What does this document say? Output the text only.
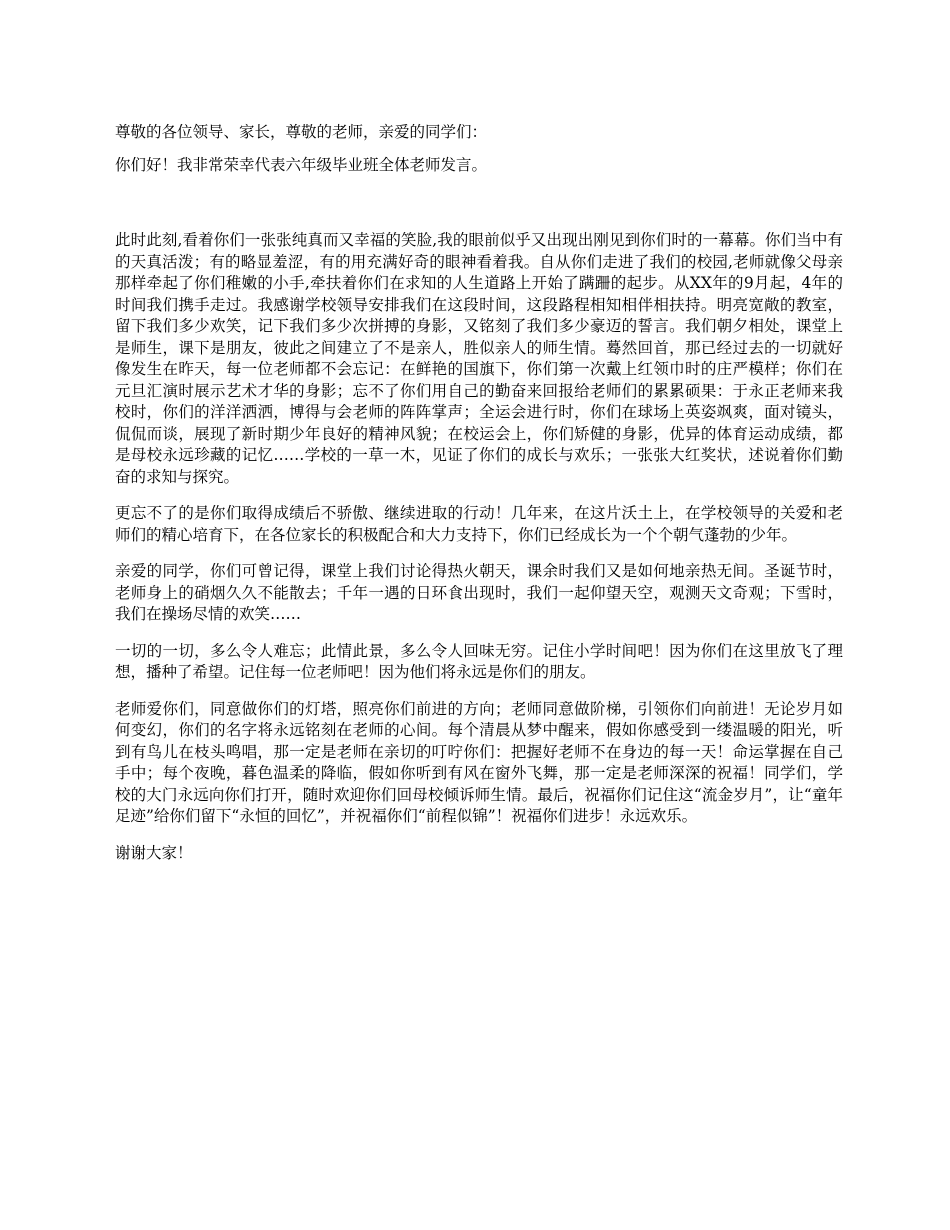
尊敬的各位领导、家长，尊敬的老师，亲爱的同学们：

你们好！我非常荣幸代表六年级毕业班全体老师发言。

此时此刻,看着你们一张张纯真而又幸福的笑脸,我的眼前似乎又出现出刚见到你们时的一幕幕。你们当中有的天真活泼；有的略显羞涩，有的用充满好奇的眼神看着我。自从你们走进了我们的校园,老师就像父母亲那样牵起了你们稚嫩的小手,牵扶着你们在求知的人生道路上开始了蹒跚的起步。从XX年的9月起，4年的时间我们携手走过。我感谢学校领导安排我们在这段时间，这段路程相知相伴相扶持。明亮宽敞的教室，留下我们多少欢笑，记下我们多少次拼搏的身影，又铭刻了我们多少豪迈的誓言。我们朝夕相处，课堂上是师生，课下是朋友，彼此之间建立了不是亲人，胜似亲人的师生情。蓦然回首，那已经过去的一切就好像发生在昨天，每一位老师都不会忘记：在鲜艳的国旗下，你们第一次戴上红领巾时的庄严模样；你们在元旦汇演时展示艺术才华的身影；忘不了你们用自己的勤奋来回报给老师们的累累硕果：于永正老师来我校时，你们的洋洋洒洒，博得与会老师的阵阵掌声；全运会进行时，你们在球场上英姿飒爽，面对镜头，侃侃而谈，展现了新时期少年良好的精神风貌；在校运会上，你们矫健的身影，优异的体育运动成绩，都是母校永远珍藏的记忆……学校的一草一木，见证了你们的成长与欢乐；一张张大红奖状，述说着你们勤奋的求知与探究。

更忘不了的是你们取得成绩后不骄傲、继续进取的行动！几年来，在这片沃土上，在学校领导的关爱和老师们的精心培育下，在各位家长的积极配合和大力支持下，你们已经成长为一个个朝气蓬勃的少年。

亲爱的同学，你们可曾记得，课堂上我们讨论得热火朝天，课余时我们又是如何地亲热无间。圣诞节时，老师身上的硝烟久久不能散去；千年一遇的日环食出现时，我们一起仰望天空，观测天文奇观；下雪时，我们在操场尽情的欢笑……

一切的一切，多么令人难忘；此情此景，多么令人回味无穷。记住小学时间吧！因为你们在这里放飞了理想，播种了希望。记住每一位老师吧！因为他们将永远是你们的朋友。

老师爱你们，同意做你们的灯塔，照亮你们前进的方向；老师同意做阶梯，引领你们向前进！无论岁月如何变幻，你们的名字将永远铭刻在老师的心间。每个清晨从梦中醒来，假如你感受到一缕温暖的阳光，听到有鸟儿在枝头鸣唱，那一定是老师在亲切的叮咛你们：把握好老师不在身边的每一天！命运掌握在自己手中；每个夜晚，暮色温柔的降临，假如你听到有风在窗外飞舞，那一定是老师深深的祝福！同学们，学校的大门永远向你们打开，随时欢迎你们回母校倾诉师生情。最后，祝福你们记住这“流金岁月”，让“童年足迹”给你们留下“永恒的回忆”，并祝福你们“前程似锦”！祝福你们进步！永远欢乐。

谢谢大家！
